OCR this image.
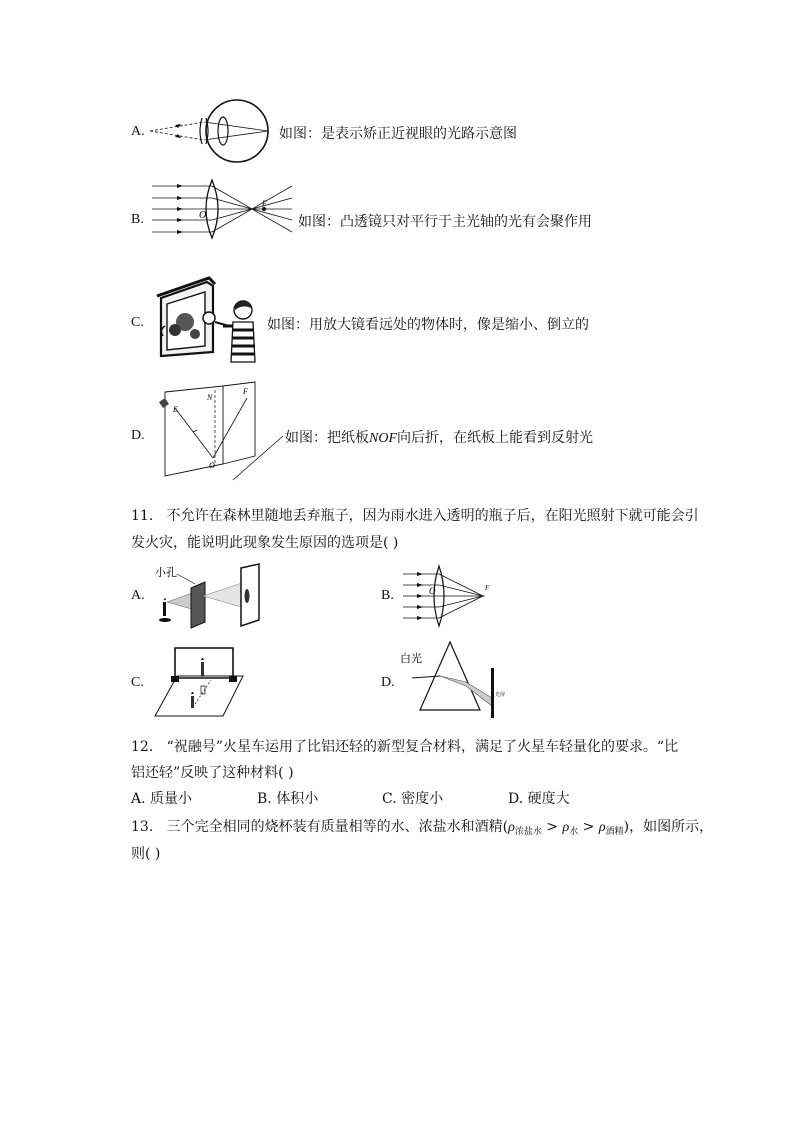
A.	如图：是表示矫正近视眼的光路示意图
B.	O
F
如图：凸透镜只对平行于主光轴的光有会聚作用
C.	如图：用放大镜看远处的物体时，像是缩小、倒立的
D.
E
N
F
O
如图：把纸板NOF向后折，在纸板上能看到反射光
11. 不允许在森林里随地丢弃瓶子，因为雨水进入透明的瓶子后，在阳光照射下就可能会引
发火灾，能说明此现象发生原因的选项是( )
A.
小孔
B.	O	F
C.	D.
白光
光屏
12. “祝融号”火星车运用了比铝还轻的新型复合材料，满足了火星车轻量化的要求。“比
铝还轻”反映了这种材料( )
A. 质量小	B. 体积小	C. 密度小	D. 硬度大
13. 三个完全相同的烧杯装有质量相等的水、浓盐水和酒精$(\rho_{浓盐水} > \rho_水 > \rho_{酒精})$，如图所示，
则( )
